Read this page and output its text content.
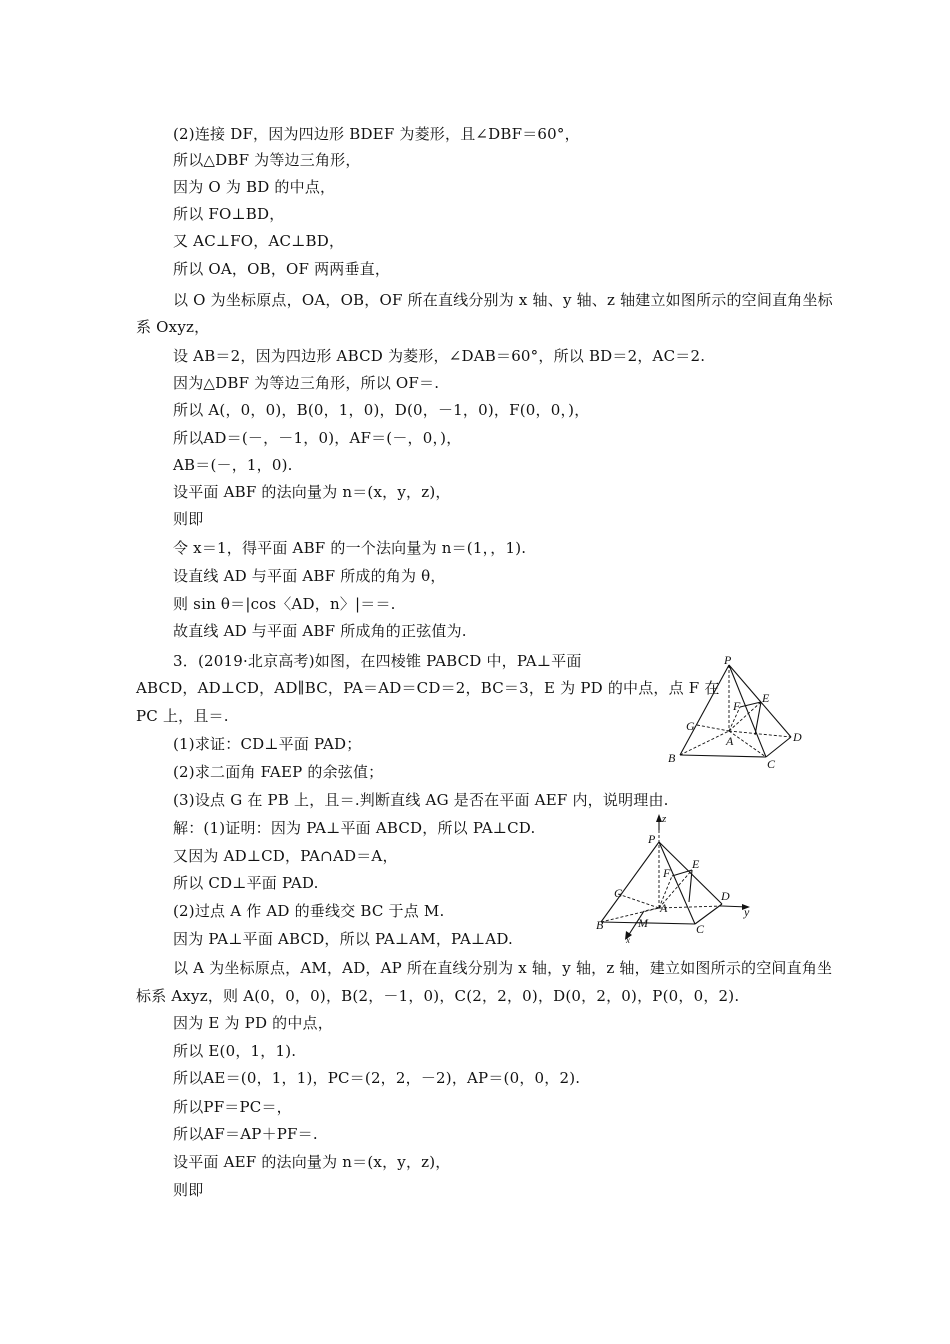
(2)连接 DF，因为四边形 BDEF 为菱形，且∠DBF＝60°，
所以△DBF 为等边三角形，
因为 O 为 BD 的中点，
所以 FO⊥BD，
又 AC⊥FO，AC⊥BD，
所以 OA，OB，OF 两两垂直，
以 O 为坐标原点，OA，OB，OF 所在直线分别为 x 轴、y 轴、z 轴建立如图所示的空间直角坐标
系 Oxyz，
设 AB＝2，因为四边形 ABCD 为菱形，∠DAB＝60°，所以 BD＝2，AC＝2.
因为△DBF 为等边三角形，所以 OF＝.
所以 A(，0，0)，B(0，1，0)，D(0，－1，0)，F(0，0，)，
所以AD＝(－，－1，0)，AF＝(－，0，)，
AB＝(－，1，0).
设平面 ABF 的法向量为 n＝(x，y，z)，
则即
令 x＝1，得平面 ABF 的一个法向量为 n＝(1，，1).
设直线 AD 与平面 ABF 所成的角为 θ，
则 sin θ＝|cos〈AD，n〉|＝＝.
故直线 AD 与平面 ABF 所成角的正弦值为.
3．(2019·北京高考)如图，在四棱锥 PABCD 中，PA⊥平面
ABCD，AD⊥CD，AD∥BC，PA＝AD＝CD＝2，BC＝3，E 为 PD 的中点，点 F 在
PC 上，且＝.
(1)求证：CD⊥平面 PAD；
(2)求二面角 FAEP 的余弦值；
(3)设点 G 在 PB 上，且＝.判断直线 AG 是否在平面 AEF 内，说明理由.
解：(1)证明：因为 PA⊥平面 ABCD，所以 PA⊥CD.
又因为 AD⊥CD，PA∩AD＝A，
所以 CD⊥平面 PAD.
(2)过点 A 作 AD 的垂线交 BC 于点 M.
因为 PA⊥平面 ABCD，所以 PA⊥AM，PA⊥AD.
以 A 为坐标原点，AM，AD，AP 所在直线分别为 x 轴，y 轴，z 轴，建立如图所示的空间直角坐
标系 Axyz，则 A(0，0，0)，B(2，－1，0)，C(2，2，0)，D(0，2，0)，P(0，0，2).
因为 E 为 PD 的中点，
所以 E(0，1，1).
所以AE＝(0，1，1)，PC＝(2，2，－2)，AP＝(0，0，2).
所以PF＝PC＝，
所以AF＝AP＋PF＝.
设平面 AEF 的法向量为 n＝(x，y，z)，
则即
P
E
F
G
A	D
B	C
z
P
E
F
G	D
A	y
B	M	C
x
